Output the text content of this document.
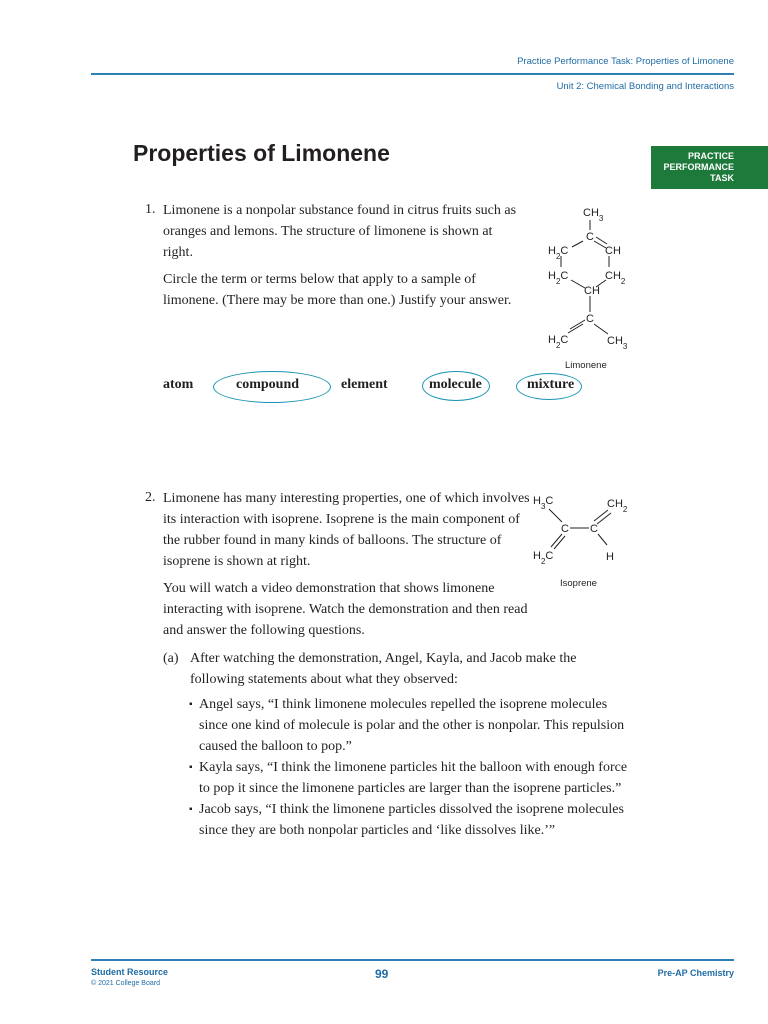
Practice Performance Task: Properties of Limonene
Unit 2: Chemical Bonding and Interactions
Properties of Limonene	PRACTICE
PERFORMANCE
TASK
1. Limonene is a nonpolar substance found in citrus fruits such as oranges and lemons. The structure of limonene is shown at right.

Circle the term or terms below that apply to a sample of limonene. (There may be more than one.) Justify your answer.

$CH_3$
C
$H_2C$	CH
$H_2C$	$CH_2$
CH
C
$H_2C$	$CH_3$
Limonene
atom	compound	element	molecule	mixture
2. Limonene has many interesting properties, one of which involves its interaction with isoprene. Isoprene is the main component of the rubber found in many kinds of balloons. The structure of isoprene is shown at right.

You will watch a video demonstration that shows limonene interacting with isoprene. Watch the demonstration and then read and answer the following questions.

$H_3C$	$CH_2$
C C
$H_2C$	H
Isoprene
(a) After watching the demonstration, Angel, Kayla, and Jacob make the following statements about what they observed:
▪ Angel says, “I think limonene molecules repelled the isoprene molecules since one kind of molecule is polar and the other is nonpolar. This repulsion caused the balloon to pop.”
▪ Kayla says, “I think the limonene particles hit the balloon with enough force to pop it since the limonene particles are larger than the isoprene particles.”
▪ Jacob says, “I think the limonene particles dissolved the isoprene molecules since they are both nonpolar particles and ‘like dissolves like.’”
Student Resource
© 2021 College Board
99	Pre-AP Chemistry
